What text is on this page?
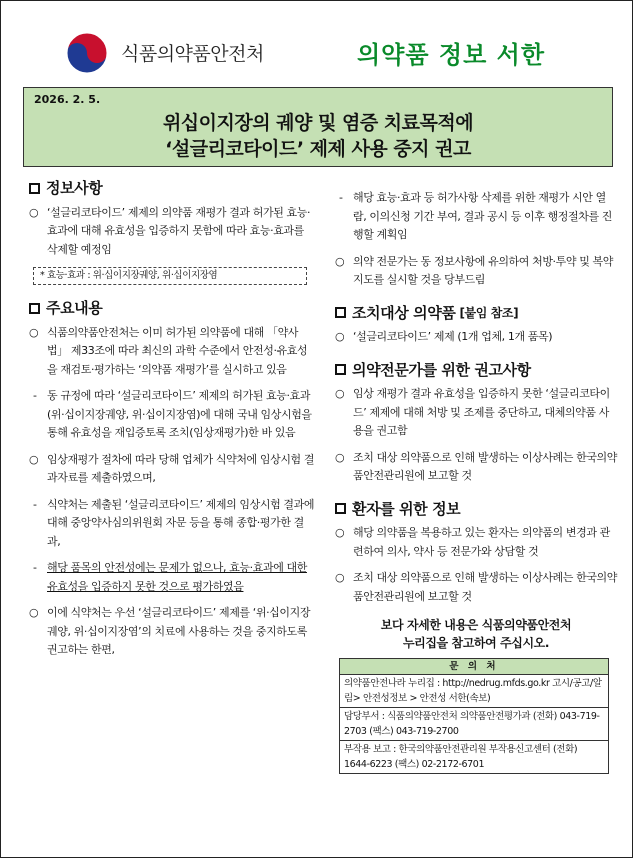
식품의약품안전처	의약품 정보 서한
2026. 2. 5.
위십이지장의 궤양 및 염증 치료목적에
‘설글리코타이드’ 제제 사용 중지 권고
정보사항
○ ‘설글리코타이드’ 제제의 의약품 재평가 결과 허가된 효능·효과에 대해 유효성을 입증하지 못함에 따라 효능·효과를 삭제할 예정임
* 효능·효과 : 위·십이지장궤양, 위·십이지장염
주요내용
○ 식품의약품안전처는 이미 허가된 의약품에 대해 「약사법」 제33조에 따라 최신의 과학 수준에서 안전성·유효성을 재검토·평가하는 ‘의약품 재평가’를 실시하고 있음
- 동 규정에 따라 ‘설글리코타이드’ 제제의 허가된 효능·효과(위·십이지장궤양, 위·십이지장염)에 대해 국내 임상시험을 통해 유효성을 재입증토록 조치(임상재평가)한 바 있음
○ 임상재평가 절차에 따라 당해 업체가 식약처에 임상시험 결과자료를 제출하였으며,
- 식약처는 제출된 ‘설글리코타이드’ 제제의 임상시험 결과에 대해 중앙약사심의위원회 자문 등을 통해 종합·평가한 결과,
- 해당 품목의 안전성에는 문제가 없으나, 효능·효과에 대한 유효성을 입증하지 못한 것으로 평가하였음
○ 이에 식약처는 우선 ‘설글리코타이드’ 제제를 ‘위·십이지장궤양, 위·십이지장염’의 치료에 사용하는 것을 중지하도록 권고하는 한편,
- 해당 효능·효과 등 허가사항 삭제를 위한 재평가 시안 열람, 이의신청 기간 부여, 결과 공시 등 이후 행정절차를 진행할 계획임
○ 의약 전문가는 동 정보사항에 유의하여 처방·투약 및 복약지도를 실시할 것을 당부드림
조치대상 의약품 [붙임 참조]
○ ‘설글리코타이드’ 제제 (1개 업체, 1개 품목)
의약전문가를 위한 권고사항
○ 임상 재평가 결과 유효성을 입증하지 못한 ‘설글리코타이드’ 제제에 대해 처방 및 조제를 중단하고, 대체의약품 사용을 권고함
○ 조치 대상 의약품으로 인해 발생하는 이상사례는 한국의약품안전관리원에 보고할 것
환자를 위한 정보
○ 해당 의약품을 복용하고 있는 환자는 의약품의 변경과 관련하여 의사, 약사 등 전문가와 상담할 것
○ 조치 대상 의약품으로 인해 발생하는 이상사례는 한국의약품안전관리원에 보고할 것
보다 자세한 내용은 식품의약품안전처
누리집을 참고하여 주십시오.
문 의 처
의약품안전나라 누리집 : http://nedrug.mfds.go.kr 고시/공고/알림> 안전성정보 > 안전성 서한(속보)
담당부서 : 식품의약품안전처 의약품안전평가과 (전화) 043-719-2703 (팩스) 043-719-2700
부작용 보고 : 한국의약품안전관리원 부작용신고센터 (전화) 1644-6223 (팩스) 02-2172-6701
